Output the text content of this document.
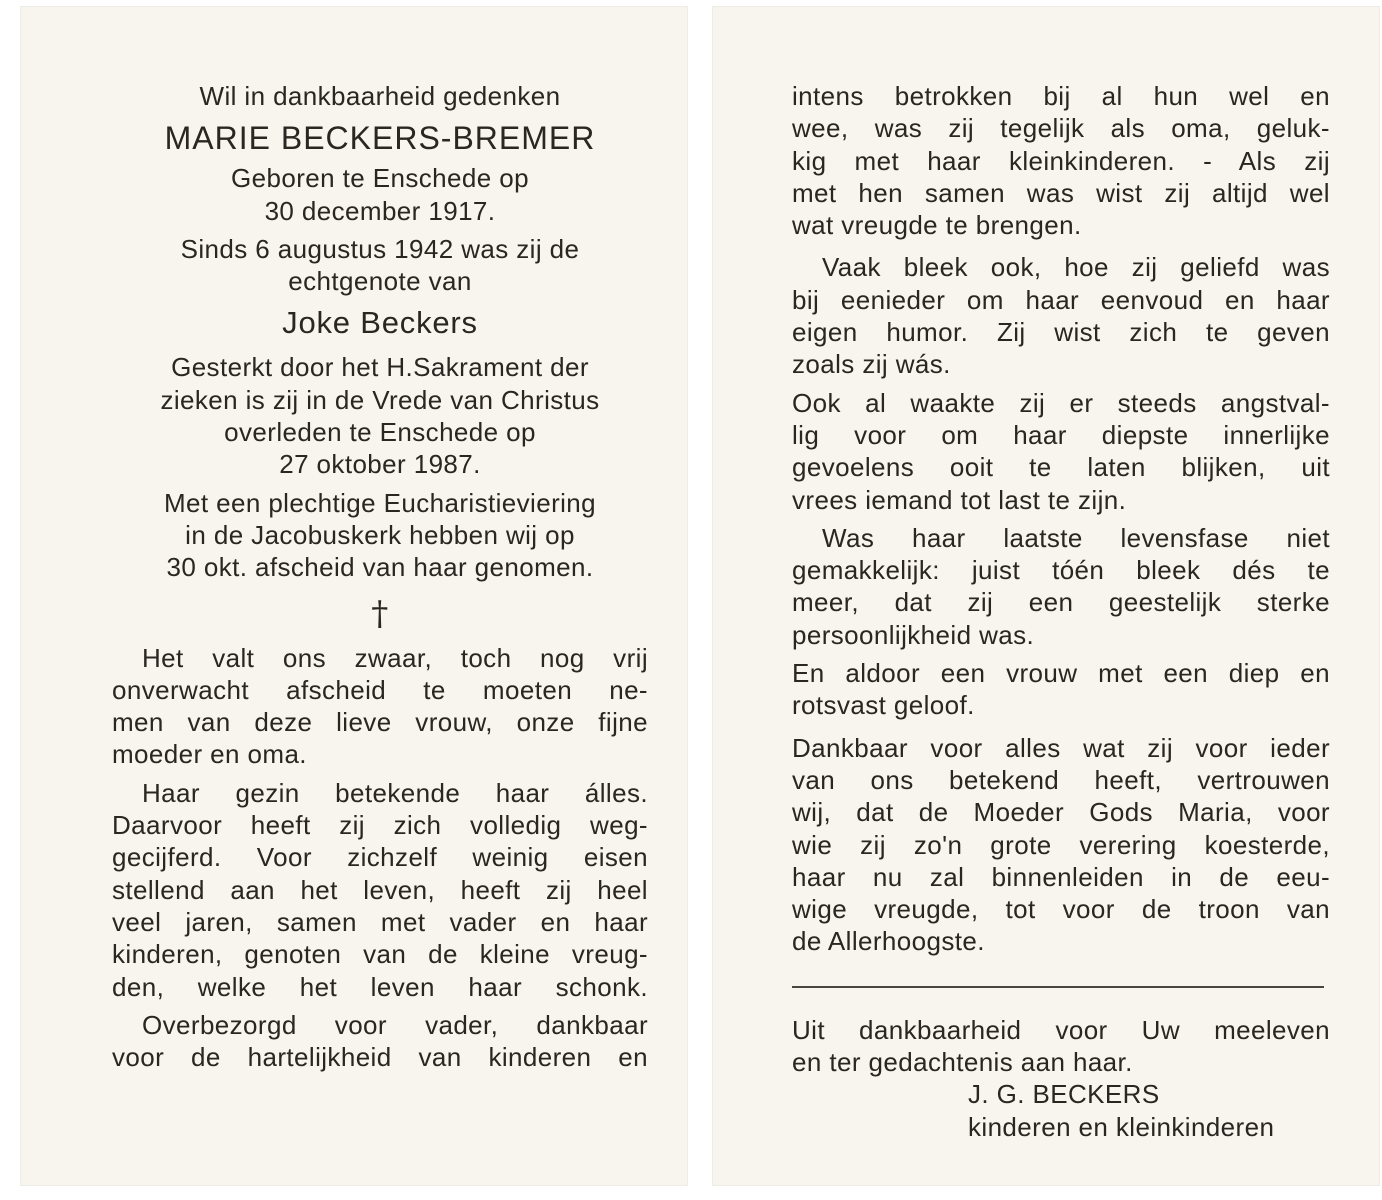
Wil in dankbaarheid gedenken
MARIE BECKERS-BREMER
Geboren te Enschede op
30 december 1917.
Sinds 6 augustus 1942 was zij de
echtgenote van
Joke Beckers
Gesterkt door het H.Sakrament der
zieken is zij in de Vrede van Christus
overleden te Enschede op
27 oktober 1987.
Met een plechtige Eucharistieviering
in de Jacobuskerk hebben wij op
30 okt. afscheid van haar genomen.
†
Het valt ons zwaar, toch nog vrij
onverwacht afscheid te moeten ne-
men van deze lieve vrouw, onze fijne
moeder en oma.
Haar gezin betekende haar álles.
Daarvoor heeft zij zich volledig weg-
gecijferd. Voor zichzelf weinig eisen
stellend aan het leven, heeft zij heel
veel jaren, samen met vader en haar
kinderen, genoten van de kleine vreug-
den, welke het leven haar schonk.
Overbezorgd voor vader, dankbaar
voor de hartelijkheid van kinderen en
intens betrokken bij al hun wel en
wee, was zij tegelijk als oma, geluk-
kig met haar kleinkinderen. - Als zij
met hen samen was wist zij altijd wel
wat vreugde te brengen.
Vaak bleek ook, hoe zij geliefd was
bij eenieder om haar eenvoud en haar
eigen humor. Zij wist zich te geven
zoals zij wás.
Ook al waakte zij er steeds angstval-
lig voor om haar diepste innerlijke
gevoelens ooit te laten blijken, uit
vrees iemand tot last te zijn.
Was haar laatste levensfase niet
gemakkelijk: juist tóén bleek dés te
meer, dat zij een geestelijk sterke
persoonlijkheid was.
En aldoor een vrouw met een diep en
rotsvast geloof.
Dankbaar voor alles wat zij voor ieder
van ons betekend heeft, vertrouwen
wij, dat de Moeder Gods Maria, voor
wie zij zo'n grote verering koesterde,
haar nu zal binnenleiden in de eeu-
wige vreugde, tot voor de troon van
de Allerhoogste.
Uit dankbaarheid voor Uw meeleven
en ter gedachtenis aan haar.
J. G. BECKERS
kinderen en kleinkinderen
